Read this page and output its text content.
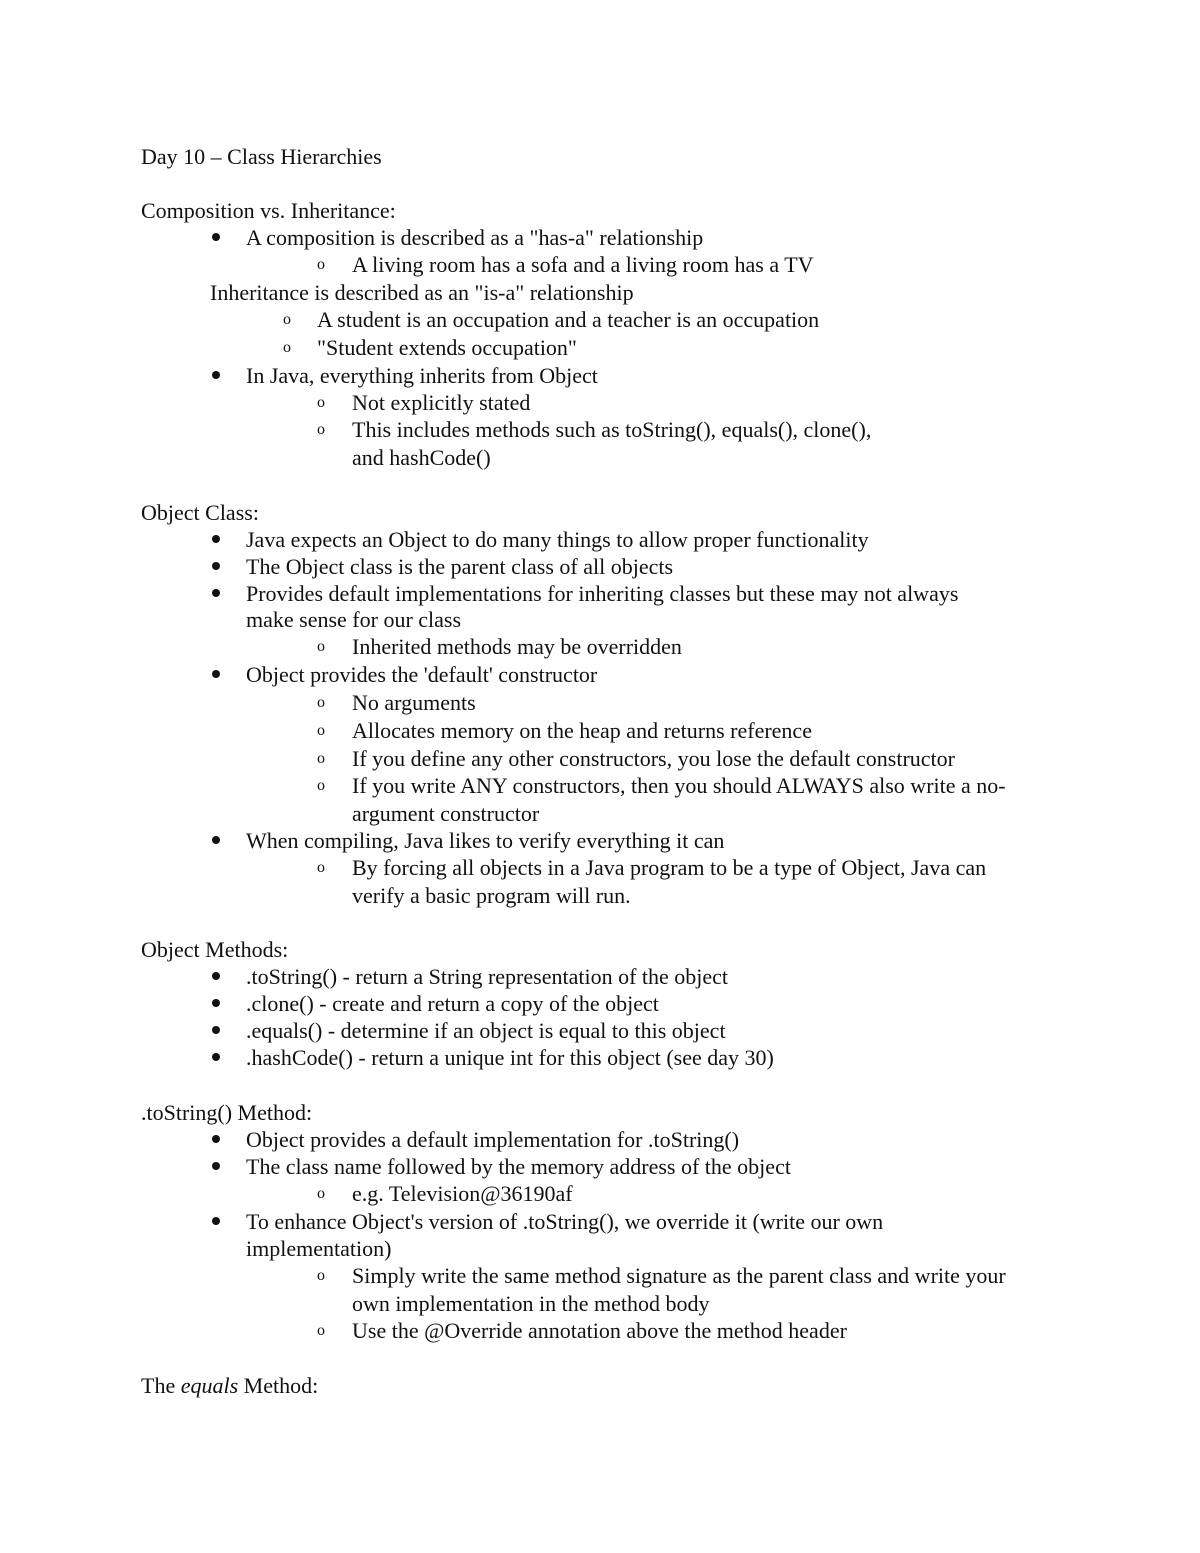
Day 10 – Class Hierarchies
Composition vs. Inheritance:
A composition is described as a "has-a" relationship
o A living room has a sofa and a living room has a TV
Inheritance is described as an "is-a" relationship
o A student is an occupation and a teacher is an occupation
o "Student extends occupation"
In Java, everything inherits from Object
o Not explicitly stated
o This includes methods such as toString(), equals(), clone(),
and hashCode()
Object Class:
Java expects an Object to do many things to allow proper functionality
The Object class is the parent class of all objects
Provides default implementations for inheriting classes but these may not always
make sense for our class
o Inherited methods may be overridden
Object provides the 'default' constructor
o No arguments
o Allocates memory on the heap and returns reference
o If you define any other constructors, you lose the default constructor
o If you write ANY constructors, then you should ALWAYS also write a no-
argument constructor
When compiling, Java likes to verify everything it can
o By forcing all objects in a Java program to be a type of Object, Java can
verify a basic program will run.
Object Methods:
.toString() - return a String representation of the object
.clone() - create and return a copy of the object
.equals() - determine if an object is equal to this object
.hashCode() - return a unique int for this object (see day 30)
.toString() Method:
Object provides a default implementation for .toString()
The class name followed by the memory address of the object
o e.g. Television@36190af
To enhance Object's version of .toString(), we override it (write our own
implementation)
o Simply write the same method signature as the parent class and write your
own implementation in the method body
o Use the @Override annotation above the method header
The equals Method:
